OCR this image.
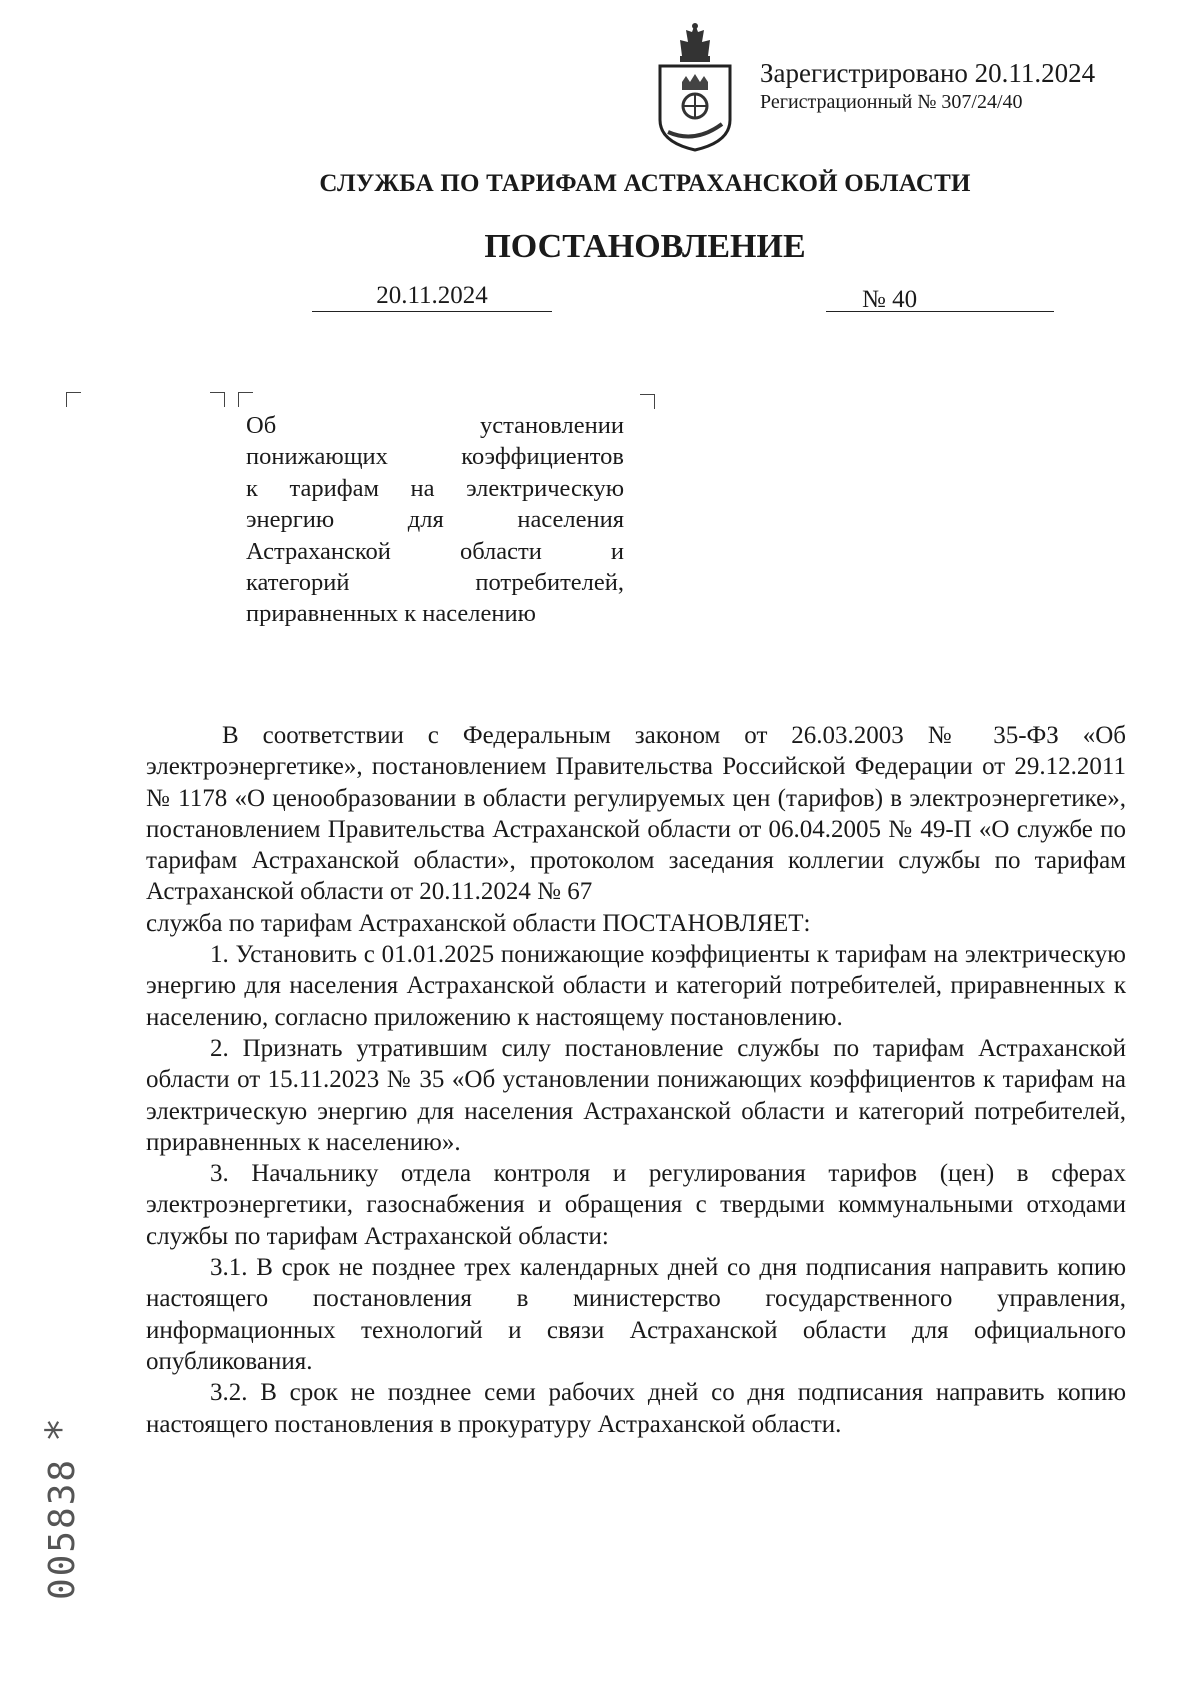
Зарегистрировано 20.11.2024
Регистрационный № 307/24/40
СЛУЖБА ПО ТАРИФАМ АСТРАХАНСКОЙ ОБЛАСТИ
ПОСТАНОВЛЕНИЕ
20.11.2024	№ 40
Об установлении
понижающих коэффициентов
к тарифам на электрическую
энергию для населения
Астраханской области и
категорий потребителей,
приравненных к населению

В соответствии с Федеральным законом от 26.03.2003 № 35-ФЗ «Об электроэнергетике», постановлением Правительства Российской Федерации от 29.12.2011 № 1178 «О ценообразовании в области регулируемых цен (тарифов) в электроэнергетике», постановлением Правительства Астраханской области от 06.04.2005 № 49-П «О службе по тарифам Астраханской области», протоколом заседания коллегии службы по тарифам Астраханской области от 20.11.2024 № 67

служба по тарифам Астраханской области ПОСТАНОВЛЯЕТ:

1. Установить с 01.01.2025 понижающие коэффициенты к тарифам на электрическую энергию для населения Астраханской области и категорий потребителей, приравненных к населению, согласно приложению к настоящему постановлению.

2. Признать утратившим силу постановление службы по тарифам Астраханской области от 15.11.2023 № 35 «Об установлении понижающих коэффициентов к тарифам на электрическую энергию для населения Астраханской области и категорий потребителей, приравненных к населению».

3. Начальнику отдела контроля и регулирования тарифов (цен) в сферах электроэнергетики, газоснабжения и обращения с твердыми коммунальными отходами службы по тарифам Астраханской области:

3.1. В срок не позднее трех календарных дней со дня подписания направить копию настоящего постановления в министерство государственного управления, информационных технологий и связи Астраханской области для официального опубликования.

3.2. В срок не позднее семи рабочих дней со дня подписания направить копию настоящего постановления в прокуратуру Астраханской области.

005838*
